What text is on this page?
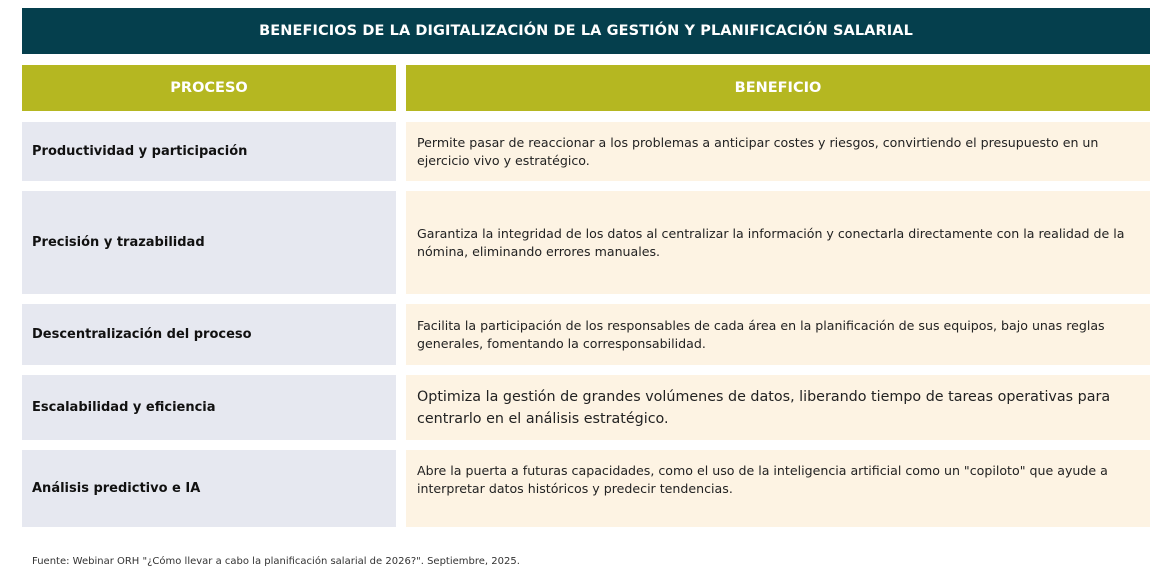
BENEFICIOS DE LA DIGITALIZACIÓN DE LA GESTIÓN Y PLANIFICACIÓN SALARIAL
PROCESO	BENEFICIO
Productividad y participación
Permite pasar de reaccionar a los problemas a anticipar costes y riesgos, convirtiendo el presupuesto en un ejercicio vivo y estratégico.
Precisión y trazabilidad
Garantiza la integridad de los datos al centralizar la información y conectarla directamente con la realidad de la nómina, eliminando errores manuales.
Descentralización del proceso
Facilita la participación de los responsables de cada área en la planificación de sus equipos, bajo unas reglas generales, fomentando la corresponsabilidad.
Escalabilidad y eficiencia
Optimiza la gestión de grandes volúmenes de datos, liberando tiempo de tareas operativas para centrarlo en el análisis estratégico.
Análisis predictivo e IA
Abre la puerta a futuras capacidades, como el uso de la inteligencia artificial como un "copiloto" que ayude a interpretar datos históricos y predecir tendencias.
Fuente: Webinar ORH "¿Cómo llevar a cabo la planificación salarial de 2026?". Septiembre, 2025.
